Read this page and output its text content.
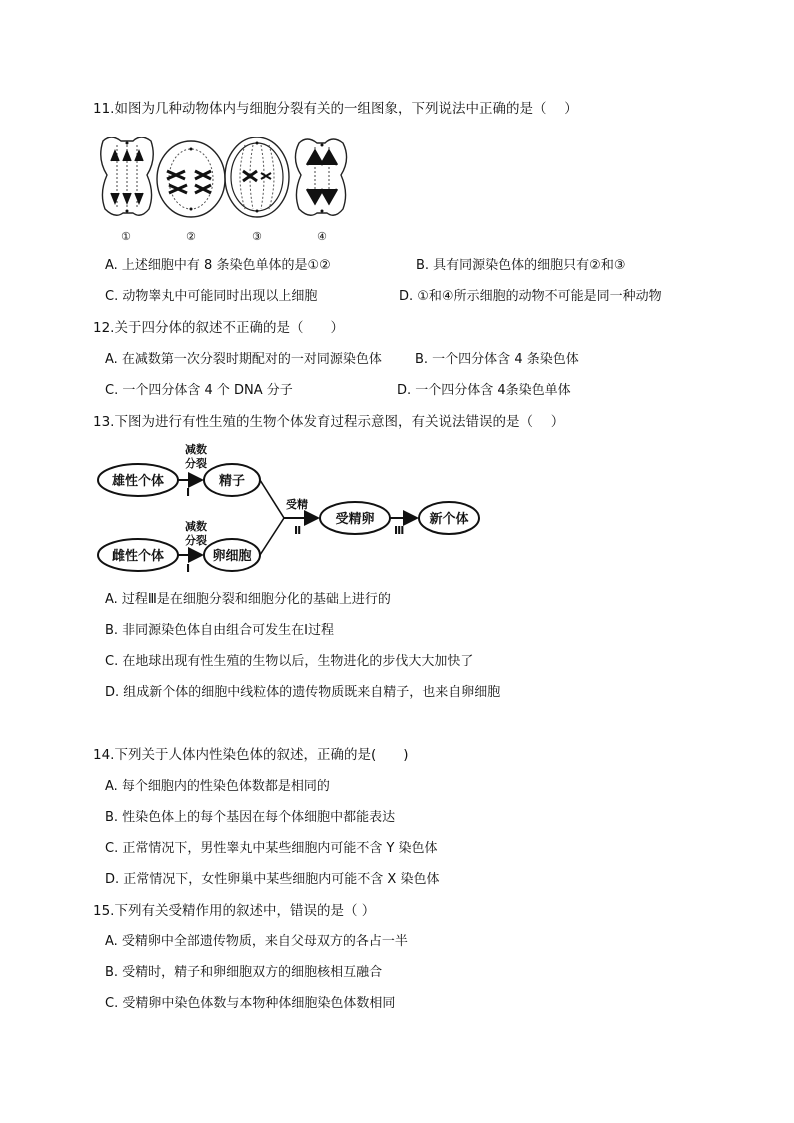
11.如图为几种动物体内与细胞分裂有关的一组图象，下列说法中正确的是（　 ）
①	②	③	④
A. 上述细胞中有 8 条染色单体的是①②	B. 具有同源染色体的细胞只有②和③
C. 动物睾丸中可能同时出现以上细胞	D. ①和④所示细胞的动物不可能是同一种动物
12.关于四分体的叙述不正确的是（　　）
A. 在减数第一次分裂时期配对的一对同源染色体	B. 一个四分体含 4 条染色体
C. 一个四分体含 4 个 DNA 分子	D. 一个四分体含 4条染色单体
13.下图为进行有性生殖的生物个体发育过程示意图，有关说法错误的是（　 ）
雄性个体
雌性个体
精子
卵细胞
受精卵	新个体
减数
分裂
Ⅰ
减数
分裂
Ⅰ
受精
Ⅱ	Ⅲ
A. 过程Ⅲ是在细胞分裂和细胞分化的基础上进行的
B. 非同源染色体自由组合可发生在Ⅰ过程
C. 在地球出现有性生殖的生物以后，生物进化的步伐大大加快了
D. 组成新个体的细胞中线粒体的遗传物质既来自精子，也来自卵细胞
14.下列关于人体内性染色体的叙述，正确的是(　　)
A. 每个细胞内的性染色体数都是相同的
B. 性染色体上的每个基因在每个体细胞中都能表达
C. 正常情况下，男性睾丸中某些细胞内可能不含 Y 染色体
D. 正常情况下，女性卵巢中某些细胞内可能不含 X 染色体
15.下列有关受精作用的叙述中，错误的是（ ）
A. 受精卵中全部遗传物质，来自父母双方的各占一半
B. 受精时，精子和卵细胞双方的细胞核相互融合
C. 受精卵中染色体数与本物种体细胞染色体数相同
